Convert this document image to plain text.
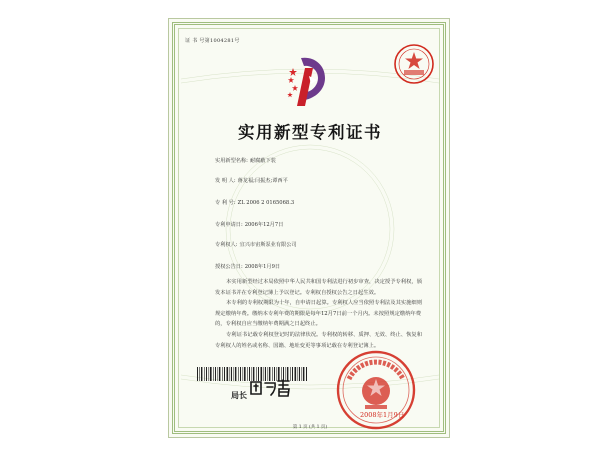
证 书 号第1004281号
实用新型专利证书
实用新型名称: 耐腐蔽下装
发 明 人: 蒋龙福;闫振杰;谭西平
专 利 号: ZL 2006 2 0165068.3
专利申请日: 2006年12月7日
专利权人: 宜兴市宙斯泵业有限公司
授权公告日: 2008年1月9日

本实用新型经过本局依照中华人民共和国专利法进行初步审查，决定授予专利权，颁发本证书并在专利登记簿上予以登记。专利权自授权公告之日起生效。

本专利的专利权期限为十年，自申请日起算。专利权人应当依照专利法及其实施细则规定缴纳年费。缴纳本专利年费的期限是每年12月7日前一个月内。未按照规定缴纳年费的，专利权自应当缴纳年费期满之日起终止。

专利证书记载专利权登记时的法律状况。专利权的转移、质押、无效、终止、恢复和专利权人的姓名或名称、国籍、地址变更等事项记载在专利登记簿上。

局长
2008年1月9日
第 1 页 (共 1 页)
